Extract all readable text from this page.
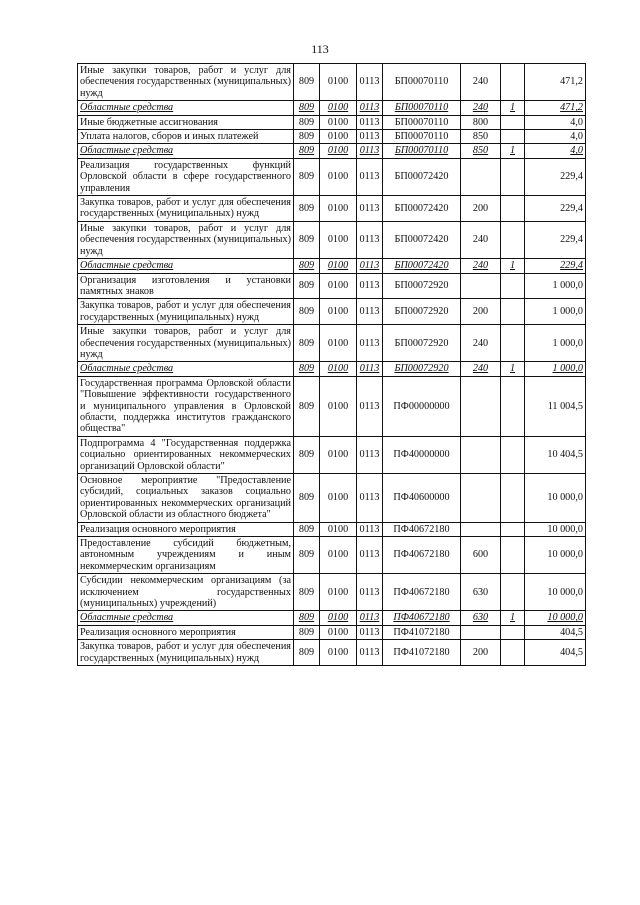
113
Иные закупки товаров, работ и услуг для обеспечения государственных (муниципальных) нужд	809	0100	0113	БП00070110	240		471,2
Областные средства	809	0100	0113	БП00070110	240	1	471,2
Иные бюджетные ассигнования	809	0100	0113	БП00070110	800		4,0
Уплата налогов, сборов и иных платежей	809	0100	0113	БП00070110	850		4,0
Областные средства	809	0100	0113	БП00070110	850	1	4,0
Реализация государственных функций Орловской области в сфере государственного управления	809	0100	0113	БП00072420			229,4
Закупка товаров, работ и услуг для обеспечения государственных (муниципальных) нужд	809	0100	0113	БП00072420	200		229,4
Иные закупки товаров, работ и услуг для обеспечения государственных (муниципальных) нужд	809	0100	0113	БП00072420	240		229,4
Областные средства	809	0100	0113	БП00072420	240	1	229,4
Организация изготовления и установки памятных знаков	809	0100	0113	БП00072920			1 000,0
Закупка товаров, работ и услуг для обеспечения государственных (муниципальных) нужд	809	0100	0113	БП00072920	200		1 000,0
Иные закупки товаров, работ и услуг для обеспечения государственных (муниципальных) нужд	809	0100	0113	БП00072920	240		1 000,0
Областные средства	809	0100	0113	БП00072920	240	1	1 000,0
Государственная программа Орловской области "Повышение эффективности государственного и муниципального управления в Орловской области, поддержка институтов гражданского общества"	809	0100	0113	ПФ00000000			11 004,5
Подпрограмма 4 "Государственная поддержка социально ориентированных некоммерческих организаций Орловской области"	809	0100	0113	ПФ40000000			10 404,5
Основное мероприятие "Предоставление субсидий, социальных заказов социально ориентированных некоммерческих организаций Орловской области из областного бюджета"	809	0100	0113	ПФ40600000			10 000,0
Реализация основного мероприятия	809	0100	0113	ПФ40672180			10 000,0
Предоставление субсидий бюджетным, автономным учреждениям и иным некоммерческим организациям	809	0100	0113	ПФ40672180	600		10 000,0
Субсидии некоммерческим организациям (за исключением государственных (муниципальных) учреждений)	809	0100	0113	ПФ40672180	630		10 000,0
Областные средства	809	0100	0113	ПФ40672180	630	1	10 000,0
Реализация основного мероприятия	809	0100	0113	ПФ41072180			404,5
Закупка товаров, работ и услуг для обеспечения государственных (муниципальных) нужд	809	0100	0113	ПФ41072180	200		404,5
